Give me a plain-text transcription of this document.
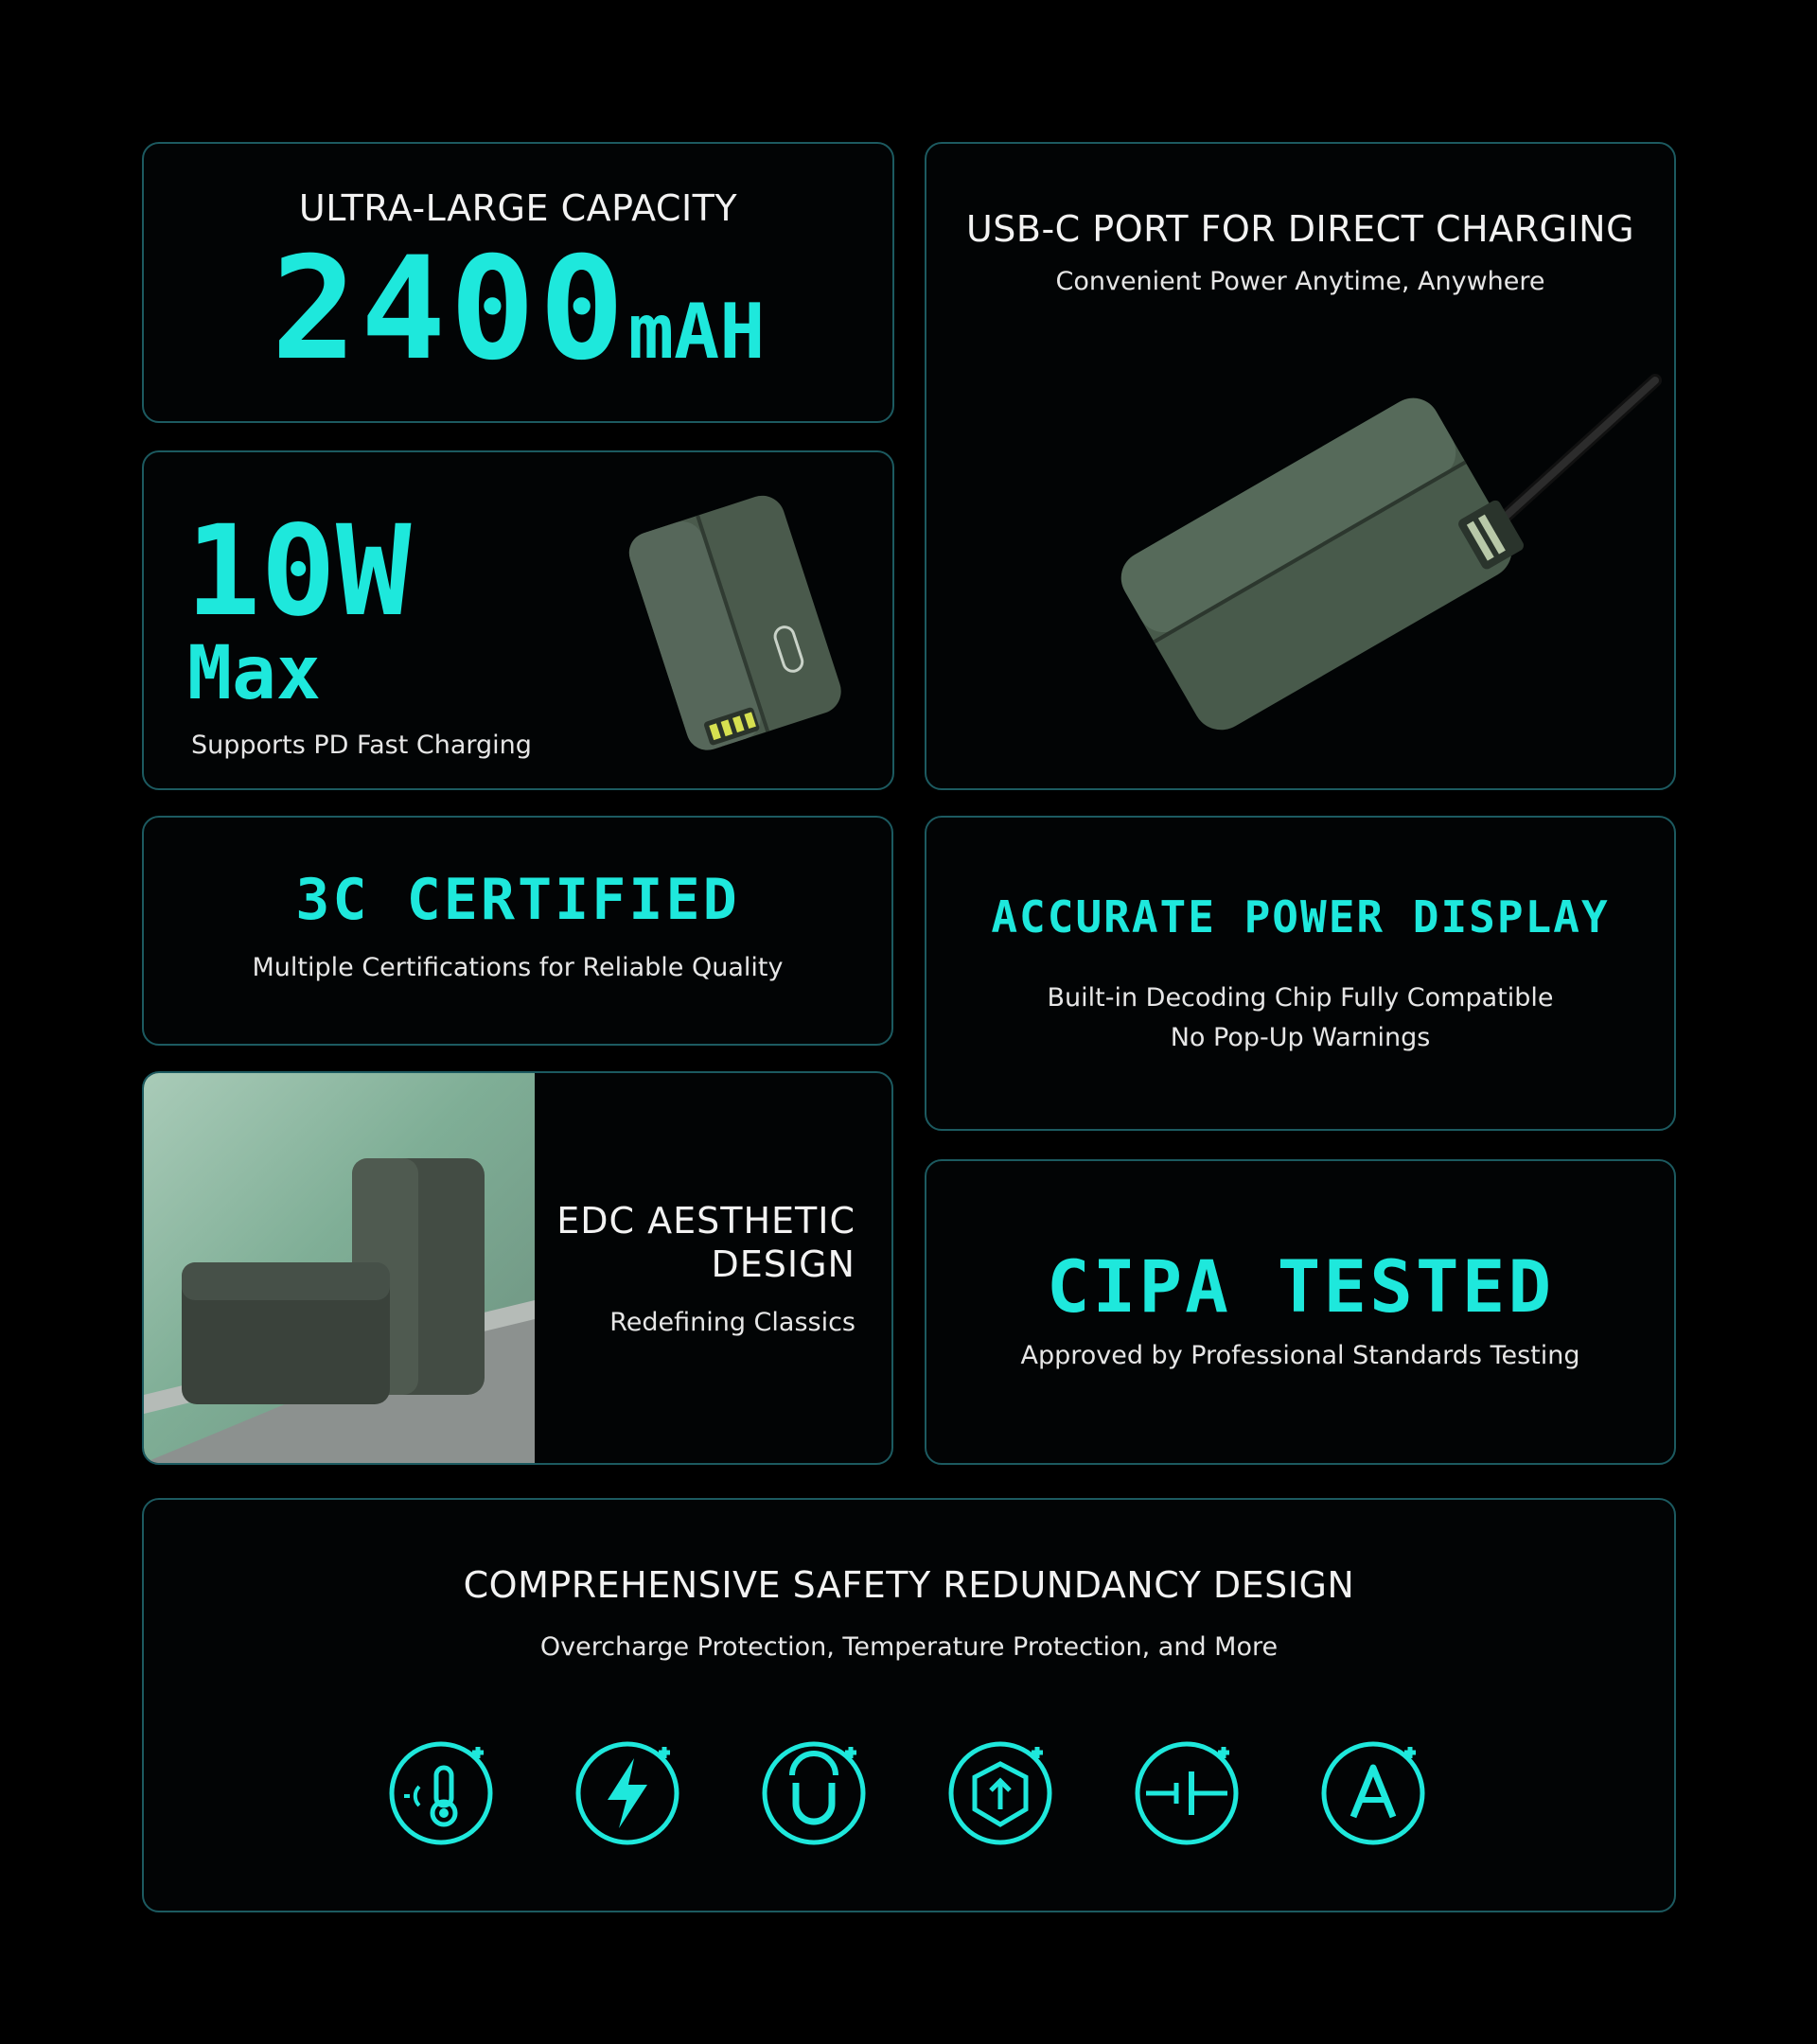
ULTRA-LARGE CAPACITY
2400mAH
10W
Max
Supports PD Fast Charging
USB-C PORT FOR DIRECT CHARGING
Convenient Power Anytime, Anywhere
3C CERTIFIED
Multiple Certifications for Reliable Quality
ACCURATE POWER DISPLAY
Built-in Decoding Chip Fully Compatible
No Pop-Up Warnings
EDC AESTHETIC
DESIGN
Redefining Classics	CIPA TESTED
Approved by Professional Standards Testing
COMPREHENSIVE SAFETY REDUNDANCY DESIGN
Overcharge Protection, Temperature Protection, and More
